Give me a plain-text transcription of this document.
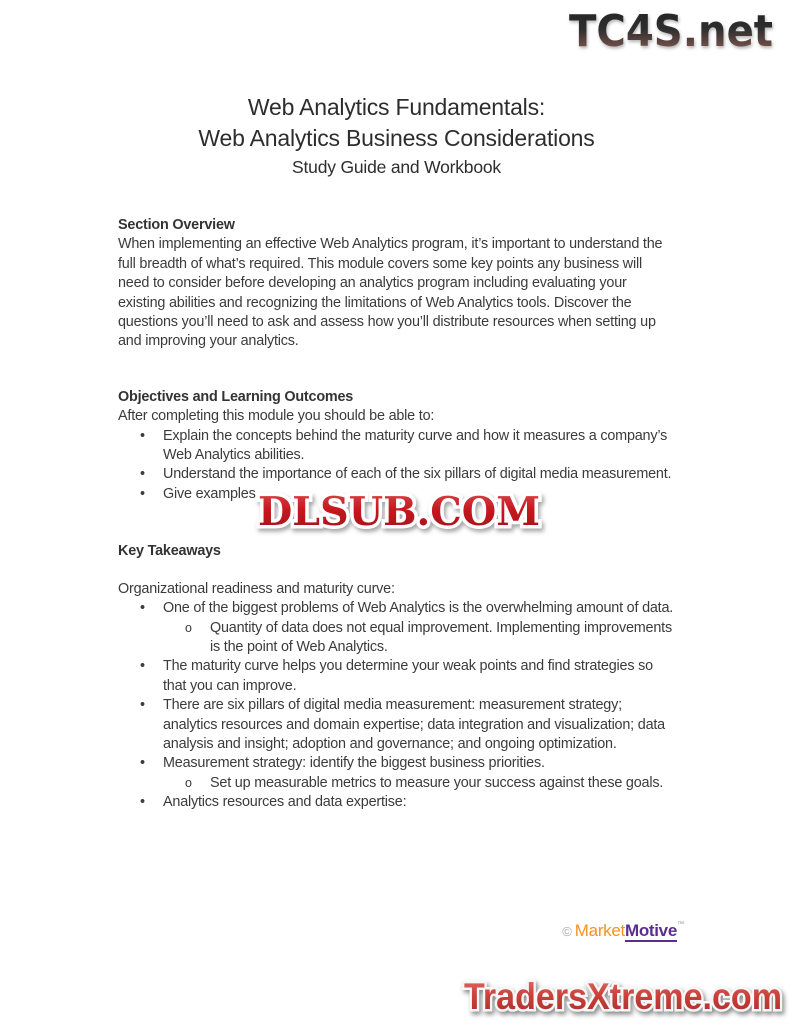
TC4S.net
Web Analytics Fundamentals:
Web Analytics Business Considerations
Study Guide and Workbook
Section Overview

When implementing an effective Web Analytics program, it’s important to understand the full breadth of what’s required. This module covers some key points any business will need to consider before developing an analytics program including evaluating your existing abilities and recognizing the limitations of Web Analytics tools. Discover the questions you’ll need to ask and assess how you’ll distribute resources when setting up and improving your analytics.

Objectives and Learning Outcomes
After completing this module you should be able to:
•	Explain the concepts behind the maturity curve and how it measures a company’s Web Analytics abilities.
•	Understand the importance of each of the six pillars of digital media measurement.
•	Give examples
Key Takeaways
Organizational readiness and maturity curve:
•	One of the biggest problems of Web Analytics is the overwhelming amount of data.
o	Quantity of data does not equal improvement. Implementing improvements is the point of Web Analytics.
•	The maturity curve helps you determine your weak points and find strategies so that you can improve.
•	There are six pillars of digital media measurement: measurement strategy; analytics resources and domain expertise; data integration and visualization; data analysis and insight; adoption and governance; and ongoing optimization.
•	Measurement strategy: identify the biggest business priorities.
o	Set up measurable metrics to measure your success against these goals.
•	Analytics resources and data expertise:
DLSUB.COM
© MarketMotive™
TradersXtreme.com
